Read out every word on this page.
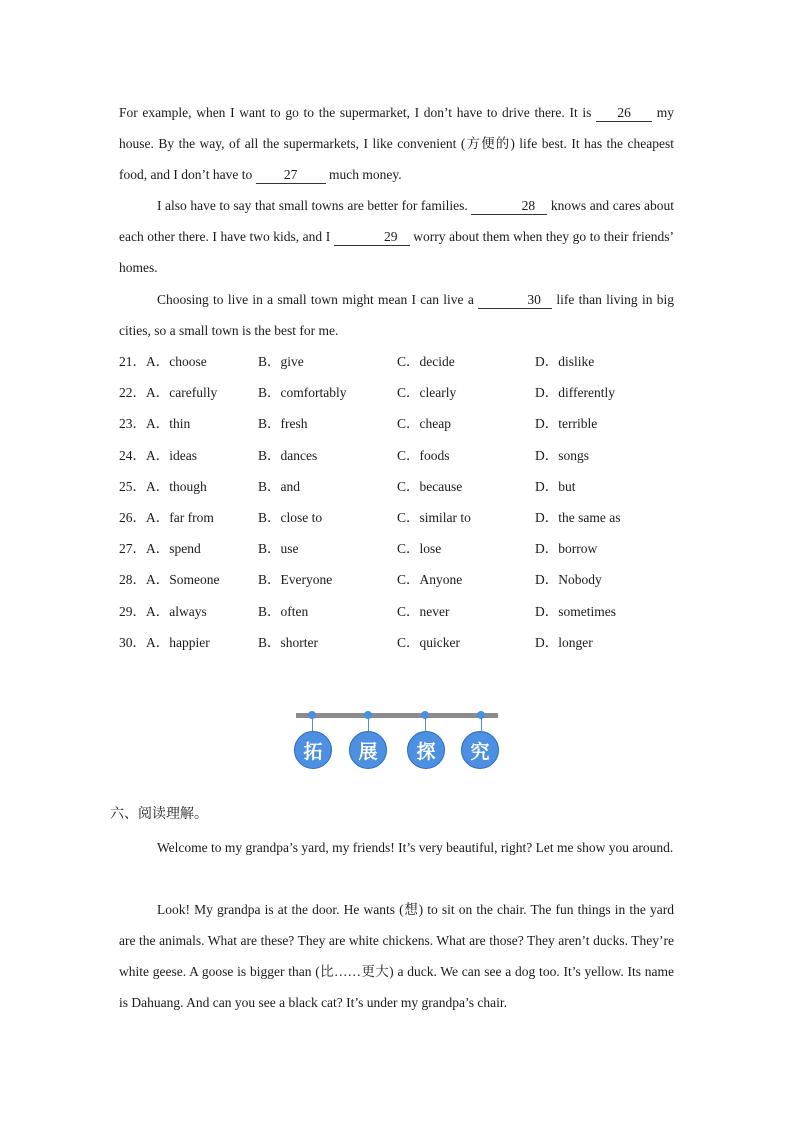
For example, when I want to go to the supermarket, I don’t have to drive there. It is 26 my house. By the way, of all the supermarkets, I like convenient (方便的) life best. It has the cheapest food, and I don’t have to 27 much money.
I also have to say that small towns are better for families.	28 knows and cares about each other there. I have two kids, and I	29 worry about them when they go to their friends’ homes.
Choosing to live in a small town might mean I can live a	30 life than living in big cities, so a small town is the best for me.
21．A．choose	B．give	C．decide	D．dislike
22．A．carefully	B．comfortably	C．clearly	D．differently
23．A．thin	B．fresh	C．cheap	D．terrible
24．A．ideas	B．dances	C．foods	D．songs
25．A．though	B．and	C．because	D．but
26．A．far from	B．close to	C．similar to	D．the same as
27．A．spend	B．use	C．lose	D．borrow
28．A．Someone	B．Everyone	C．Anyone	D．Nobody
29．A．always	B．often	C．never	D．sometimes
30．A．happier	B．shorter	C．quicker	D．longer
拓	展	探	究
六、阅读理解。
Welcome to my grandpa’s yard, my friends! It’s very beautiful, right? Let me show you around.
Look! My grandpa is at the door. He wants (想) to sit on the chair. The fun things in the yard are the animals. What are these? They are white chickens. What are those? They aren’t ducks. They’re white geese. A goose is bigger than (比……更大) a duck. We can see a dog too. It’s yellow. Its name is Dahuang. And can you see a black cat? It’s under my grandpa’s chair.
